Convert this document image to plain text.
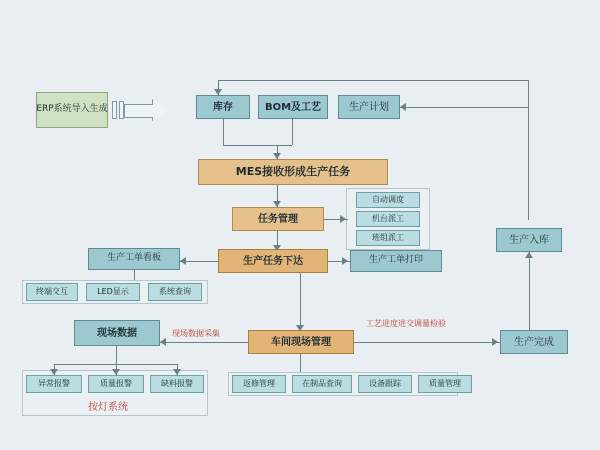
ERP系统导入生成	库存	BOM及工艺	生产计划
MES接收形成生产任务
任务管理
自动调度
机台派工
班组派工
生产工单看板	生产任务下达	生产工单打印
终端交互	LED显示	系统查询
现场数据
车间现场管理
现场数据采集
生产完成
工艺进度进交调量检验
生产入库
异常报警	质量报警	缺料报警
按灯系统
返修管理	在制品查询	设备跟踪	质量管理
